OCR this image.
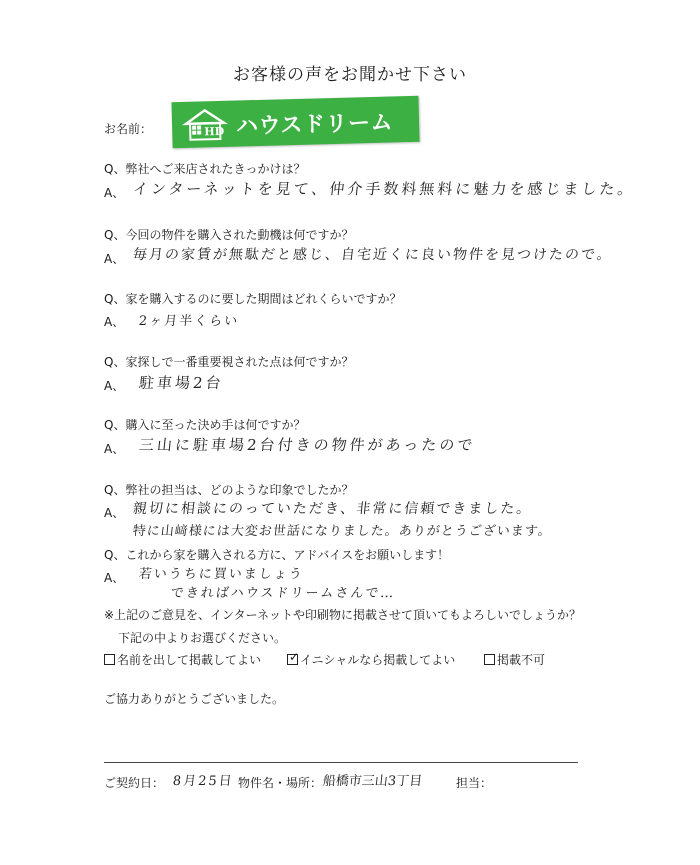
お客様の声をお聞かせ下さい
お名前：	HD ハウスドリーム
Q、弊社へご来店されたきっかけは？
A、 インターネットを見て、仲介手数料無料に魅力を感じました。
Q、今回の物件を購入された動機は何ですか？
A、 毎月の家賃が無駄だと感じ、自宅近くに良い物件を見つけたので。
Q、家を購入するのに要した期間はどれくらいですか？
A、 2ヶ月半くらい
Q、家探しで一番重要視された点は何ですか？
A、 駐車場2台
Q、購入に至った決め手は何ですか？
A、 三山に駐車場2台付きの物件があったので
Q、弊社の担当は、どのような印象でしたか？
A、 親切に相談にのっていただき、非常に信頼できました。
特に山﨑様には大変お世話になりました。ありがとうございます。
Q、これから家を購入される方に、アドバイスをお願いします！
A、 若いうちに買いましょう
できればハウスドリームさんで…
※上記のご意見を、インターネットや印刷物に掲載させて頂いてもよろしいでしょうか？
下記の中よりお選びください。
名前を出して掲載してよい ✓ イニシャルなら掲載してよい	掲載不可
ご協力ありがとうございました。
ご契約日： 8月25日 物件名・場所： 船橋市三山3丁目	担当：
